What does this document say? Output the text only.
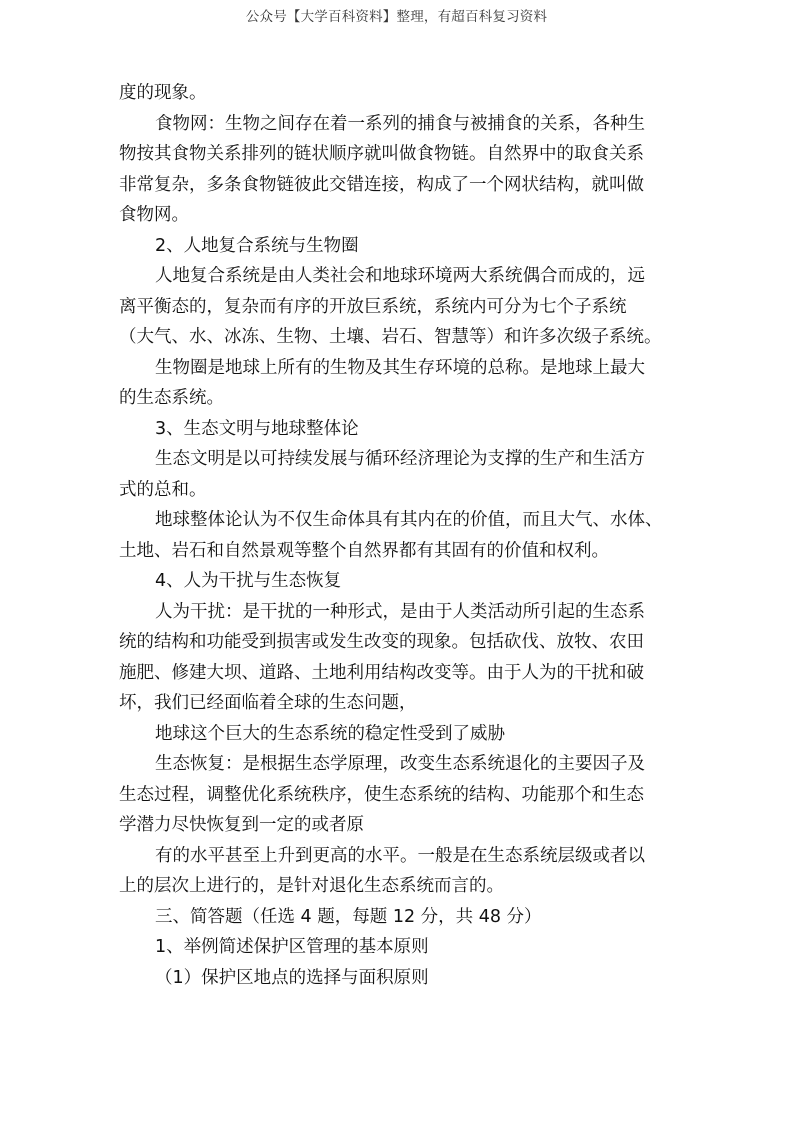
公众号【大学百科资料】整理，有超百科复习资料
度的现象。
食物网：生物之间存在着一系列的捕食与被捕食的关系，各种生
物按其食物关系排列的链状顺序就叫做食物链。自然界中的取食关系
非常复杂，多条食物链彼此交错连接，构成了一个网状结构，就叫做
食物网。
2、人地复合系统与生物圈
人地复合系统是由人类社会和地球环境两大系统偶合而成的，远
离平衡态的，复杂而有序的开放巨系统，系统内可分为七个子系统
（大气、水、冰冻、生物、土壤、岩石、智慧等）和许多次级子系统。
生物圈是地球上所有的生物及其生存环境的总称。是地球上最大
的生态系统。
3、生态文明与地球整体论
生态文明是以可持续发展与循环经济理论为支撑的生产和生活方
式的总和。
地球整体论认为不仅生命体具有其内在的价值，而且大气、水体、
土地、岩石和自然景观等整个自然界都有其固有的价值和权利。
4、人为干扰与生态恢复
人为干扰：是干扰的一种形式，是由于人类活动所引起的生态系
统的结构和功能受到损害或发生改变的现象。包括砍伐、放牧、农田
施肥、修建大坝、道路、土地利用结构改变等。由于人为的干扰和破
坏，我们已经面临着全球的生态问题，
地球这个巨大的生态系统的稳定性受到了威胁
生态恢复：是根据生态学原理，改变生态系统退化的主要因子及
生态过程，调整优化系统秩序，使生态系统的结构、功能那个和生态
学潜力尽快恢复到一定的或者原
有的水平甚至上升到更高的水平。一般是在生态系统层级或者以
上的层次上进行的，是针对退化生态系统而言的。
三、简答题（任选 4 题，每题 12 分，共 48 分）
1、举例简述保护区管理的基本原则
（1）保护区地点的选择与面积原则
